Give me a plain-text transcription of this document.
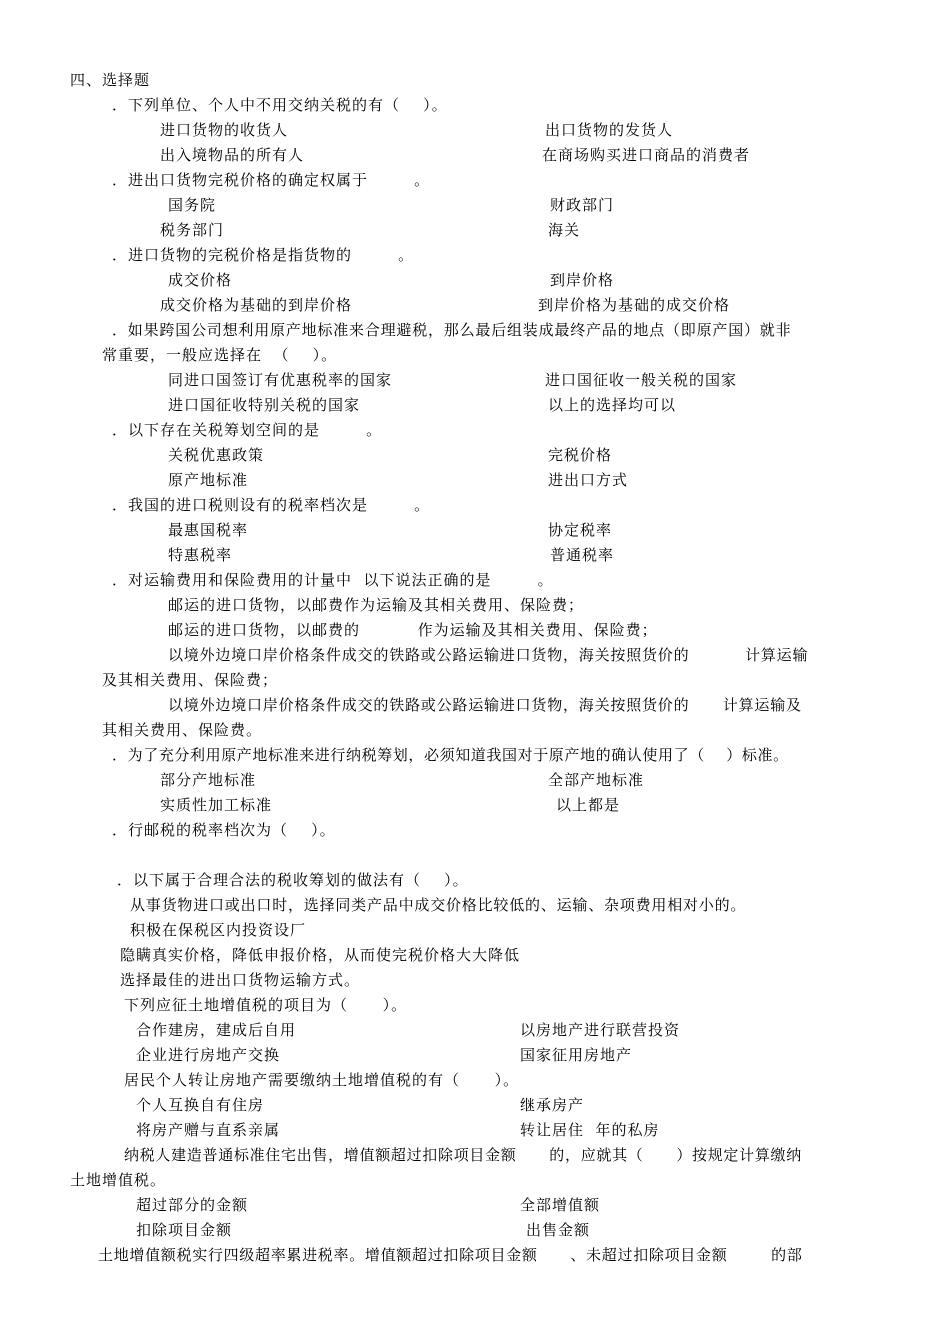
四、选择题
．下列单位、个人中不用交纳关税的有（    ）。
进口货物的收货人	出口货物的发货人
出入境物品的所有人	在商场购买进口商品的消费者
．进出口货物完税价格的确定权属于        。
国务院	财政部门
税务部门	海关
．进口货物的完税价格是指货物的        。
成交价格	到岸价格
成交价格为基础的到岸价格	到岸价格为基础的成交价格
．如果跨国公司想利用原产地标准来合理避税，那么最后组装成最终产品的地点（即原产国）就非
常重要，一般应选择在  （    ）。
同进口国签订有优惠税率的国家	进口国征收一般关税的国家
进口国征收特别关税的国家	以上的选择均可以
．以下存在关税筹划空间的是        。
关税优惠政策	完税价格
原产地标准	进出口方式
．我国的进口税则设有的税率档次是        。
最惠国税率	协定税率
特惠税率	普通税率
．对运输费用和保险费用的计量中  以下说法正确的是        。
邮运的进口货物，以邮费作为运输及其相关费用、保险费；
邮运的进口货物，以邮费的          作为运输及其相关费用、保险费；
以境外边境口岸价格条件成交的铁路或公路运输进口货物，海关按照货价的          计算运输
及其相关费用、保险费；
以境外边境口岸价格条件成交的铁路或公路运输进口货物，海关按照货价的      计算运输及
其相关费用、保险费。
．为了充分利用原产地标准来进行纳税筹划，必须知道我国对于原产地的确认使用了（    ）标准。
部分产地标准	全部产地标准
实质性加工标准	以上都是
．行邮税的税率档次为（    ）。
．以下属于合理合法的税收筹划的做法有（    ）。
从事货物进口或出口时，选择同类产品中成交价格比较低的、运输、杂项费用相对小的。
积极在保税区内投资设厂
隐瞒真实价格，降低申报价格，从而使完税价格大大降低
选择最佳的进出口货物运输方式。
下列应征土地增值税的项目为（      ）。
合作建房，建成后自用	以房地产进行联营投资
企业进行房地产交换	国家征用房地产
居民个人转让房地产需要缴纳土地增值税的有（      ）。
个人互换自有住房	继承房产
将房产赠与直系亲属	转让居住  年的私房
纳税人建造普通标准住宅出售，增值额超过扣除项目金额      的，应就其（      ）按规定计算缴纳
土地增值税。
超过部分的金额	全部增值额
扣除项目金额	出售金额
土地增值额税实行四级超率累进税率。增值额超过扣除项目金额      、未超过扣除项目金额        的部
